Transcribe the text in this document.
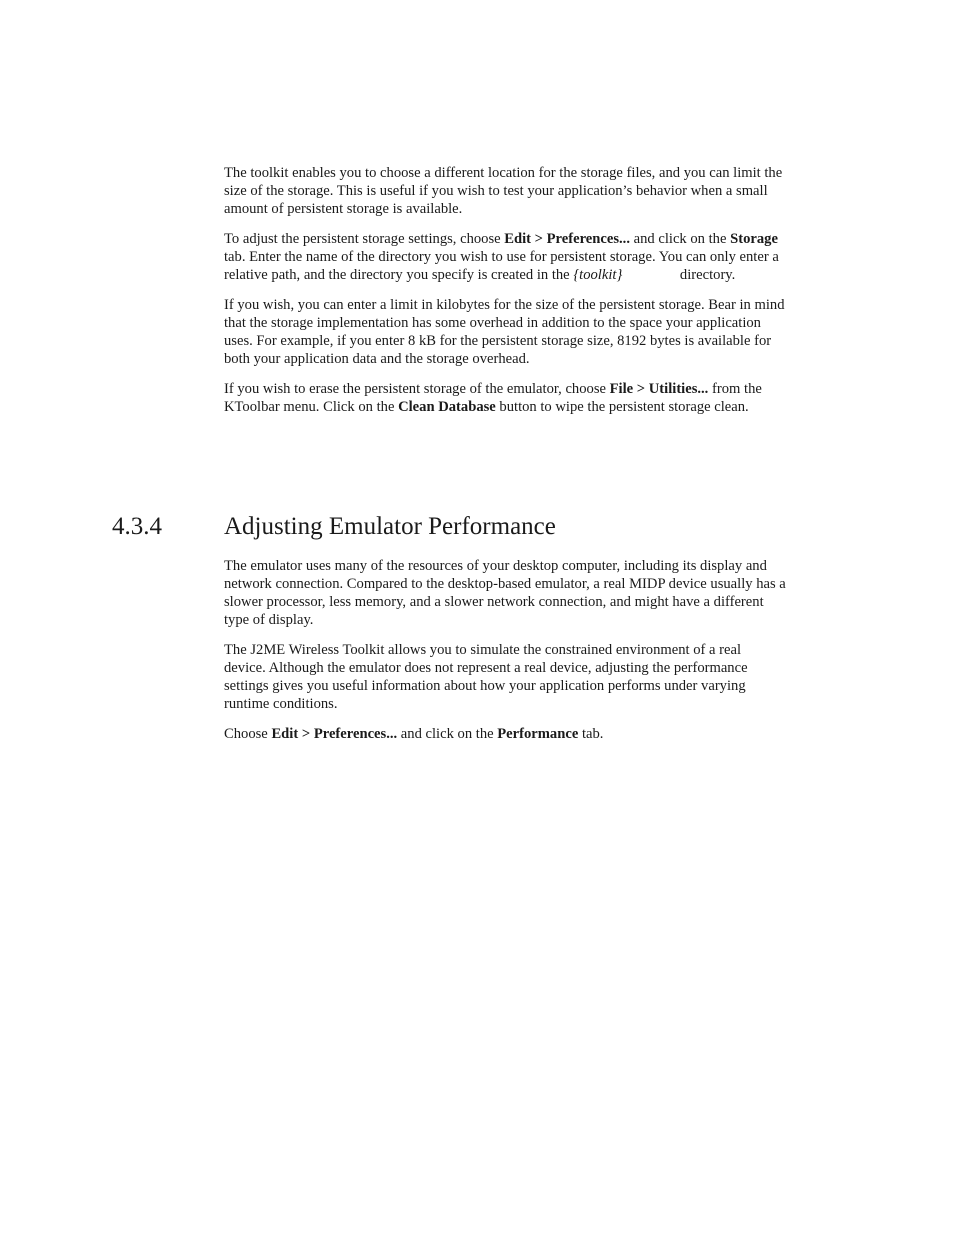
The toolkit enables you to choose a different location for the storage files, and you can limit the size of the storage. This is useful if you wish to test your application’s behavior when a small amount of persistent storage is available.

To adjust the persistent storage settings, choose Edit > Preferences... and click on the Storage tab. Enter the name of the directory you wish to use for persistent storage. You can only enter a relative path, and the directory you specify is created in the {toolkit}	directory.

If you wish, you can enter a limit in kilobytes for the size of the persistent storage. Bear in mind that the storage implementation has some overhead in addition to the space your application uses. For example, if you enter 8 kB for the persistent storage size, 8192 bytes is available for both your application data and the storage overhead.

If you wish to erase the persistent storage of the emulator, choose File > Utilities... from the KToolbar menu. Click on the Clean Database button to wipe the persistent storage clean.

4.3.4 Adjusting Emulator Performance

The emulator uses many of the resources of your desktop computer, including its display and network connection. Compared to the desktop-based emulator, a real MIDP device usually has a slower processor, less memory, and a slower network connection, and might have a different type of display.

The J2ME Wireless Toolkit allows you to simulate the constrained environment of a real device. Although the emulator does not represent a real device, adjusting the performance settings gives you useful information about how your application performs under varying runtime conditions.

Choose Edit > Preferences... and click on the Performance tab.
